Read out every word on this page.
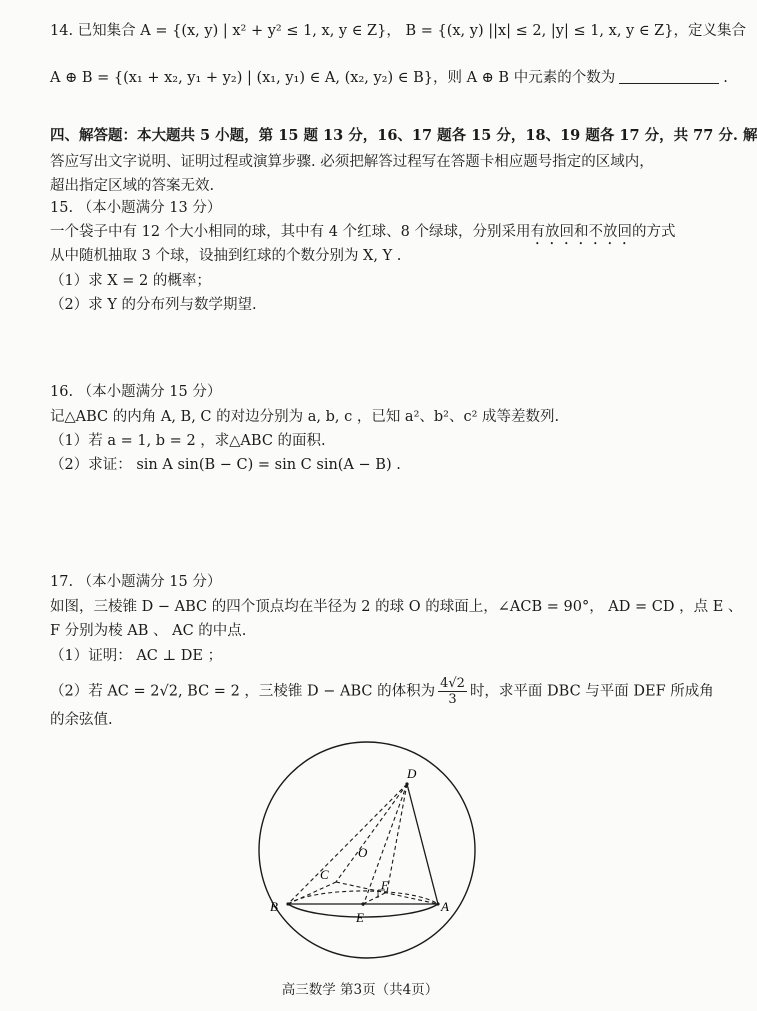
14. 已知集合 A = {(x, y) | x² + y² ≤ 1, x, y ∈ Z}， B = {(x, y) ||x| ≤ 2, |y| ≤ 1, x, y ∈ Z}，定义集合
A ⊕ B = {(x₁ + x₂, y₁ + y₂) | (x₁, y₁) ∈ A, (x₂, y₂) ∈ B}，则 A ⊕ B 中元素的个数为	.
四、解答题：本大题共 5 小题，第 15 题 13 分，16、17 题各 15 分，18、19 题各 17 分，共 77 分. 解
答应写出文字说明、证明过程或演算步骤. 必须把解答过程写在答题卡相应题号指定的区域内，
超出指定区域的答案无效.
15. （本小题满分 13 分）
一个袋子中有 12 个大小相同的球，其中有 4 个红球、8 个绿球，分别采用有放回和不放回的方式
从中随机抽取 3 个球，设抽到红球的个数分别为 X, Y .
（1）求 X = 2 的概率；
（2）求 Y 的分布列与数学期望.
16. （本小题满分 15 分）
记△ABC 的内角 A, B, C 的对边分别为 a, b, c ，已知 a²、b²、c² 成等差数列.
（1）若 a = 1, b = 2 ，求△ABC 的面积.
（2）求证： sin A sin(B − C) = sin C sin(A − B) .
17. （本小题满分 15 分）
如图，三棱锥 D − ABC 的四个顶点均在半径为 2 的球 O 的球面上，∠ACB = 90°， AD = CD ，点 E 、
F 分别为棱 AB 、 AC 的中点.
（1）证明： AC ⊥ DE ；
（2）若 AC = 2√2, BC = 2 ，三棱锥 D − ABC 的体积为 $\frac{4√2}{3}$ 时，求平面 DBC 与平面 DEF 所成角
的余弦值.
D
O
C
F
B
E
A
高三数学 第3页（共4页）
